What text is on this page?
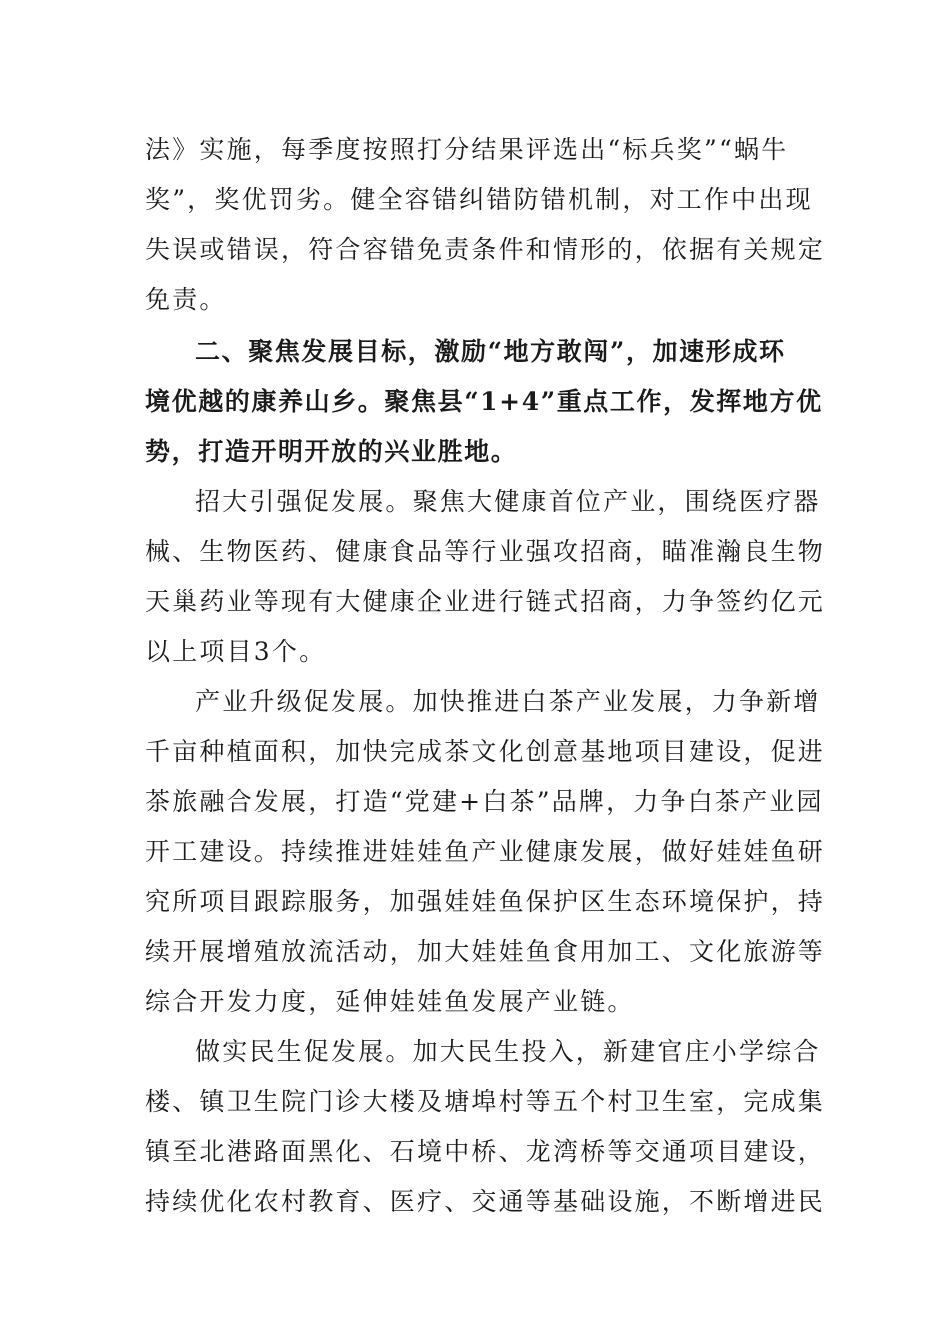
法》实施，每季度按照打分结果评选出“标兵奖”“蜗牛
奖”，奖优罚劣。健全容错纠错防错机制，对工作中出现
失误或错误，符合容错免责条件和情形的，依据有关规定
免责。
二、聚焦发展目标，激励“地方敢闯”，加速形成环
境优越的康养山乡。聚焦县“1+4”重点工作，发挥地方优
势，打造开明开放的兴业胜地。
招大引强促发展。聚焦大健康首位产业，围绕医疗器
械、生物医药、健康食品等行业强攻招商，瞄准瀚良生物
天巢药业等现有大健康企业进行链式招商，力争签约亿元
以上项目3个。
产业升级促发展。加快推进白茶产业发展，力争新增
千亩种植面积，加快完成茶文化创意基地项目建设，促进
茶旅融合发展，打造“党建+白茶”品牌，力争白茶产业园
开工建设。持续推进娃娃鱼产业健康发展，做好娃娃鱼研
究所项目跟踪服务，加强娃娃鱼保护区生态环境保护，持
续开展增殖放流活动，加大娃娃鱼食用加工、文化旅游等
综合开发力度，延伸娃娃鱼发展产业链。
做实民生促发展。加大民生投入，新建官庄小学综合
楼、镇卫生院门诊大楼及塘埠村等五个村卫生室，完成集
镇至北港路面黑化、石境中桥、龙湾桥等交通项目建设，
持续优化农村教育、医疗、交通等基础设施，不断增进民
